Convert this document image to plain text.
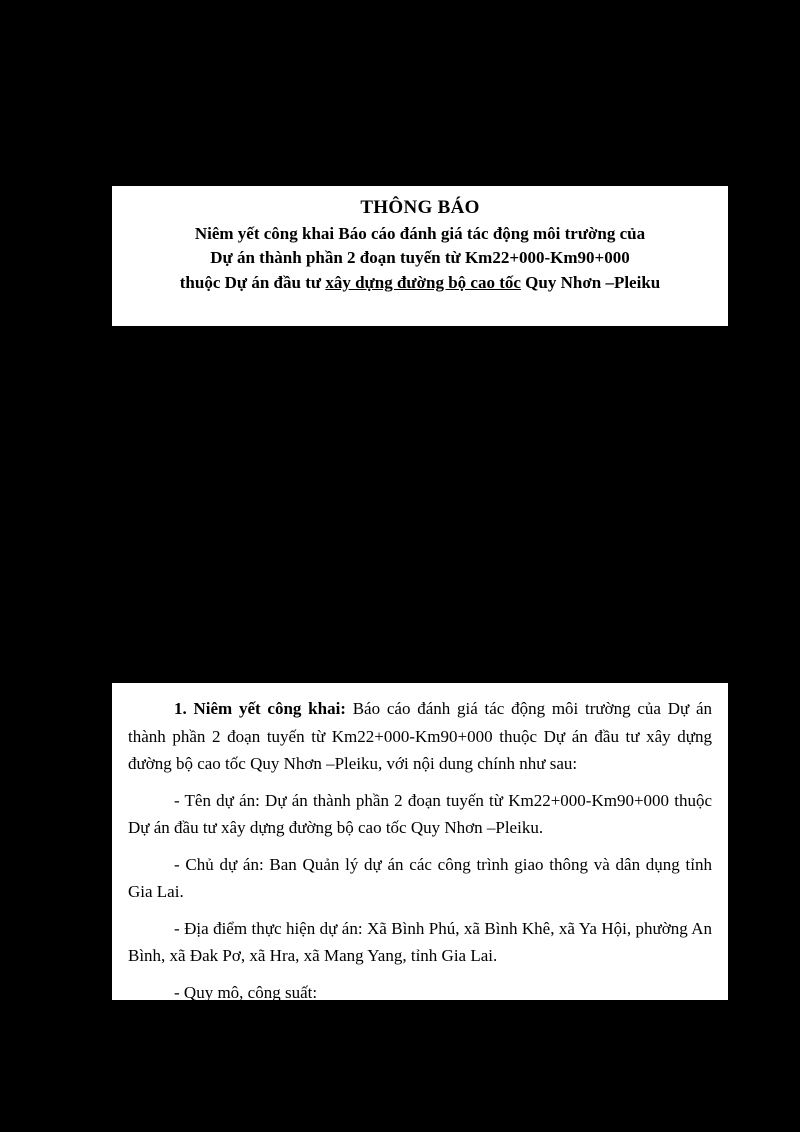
THÔNG BÁO
Niêm yết công khai Báo cáo đánh giá tác động môi trường của
Dự án thành phần 2 đoạn tuyến từ Km22+000-Km90+000
thuộc Dự án đầu tư xây dựng đường bộ cao tốc Quy Nhơn –Pleiku

1. Niêm yết công khai: Báo cáo đánh giá tác động môi trường của Dự án thành phần 2 đoạn tuyến từ Km22+000-Km90+000 thuộc Dự án đầu tư xây dựng đường bộ cao tốc Quy Nhơn –Pleiku, với nội dung chính như sau:

- Tên dự án: Dự án thành phần 2 đoạn tuyến từ Km22+000-Km90+000 thuộc Dự án đầu tư xây dựng đường bộ cao tốc Quy Nhơn –Pleiku.

- Chủ dự án: Ban Quản lý dự án các công trình giao thông và dân dụng tỉnh Gia Lai.

- Địa điểm thực hiện dự án: Xã Bình Phú, xã Bình Khê, xã Ya Hội, phường An Bình, xã Đak Pơ, xã Hra, xã Mang Yang, tỉnh Gia Lai.

- Quy mô, công suất:

+ Phần đường:
